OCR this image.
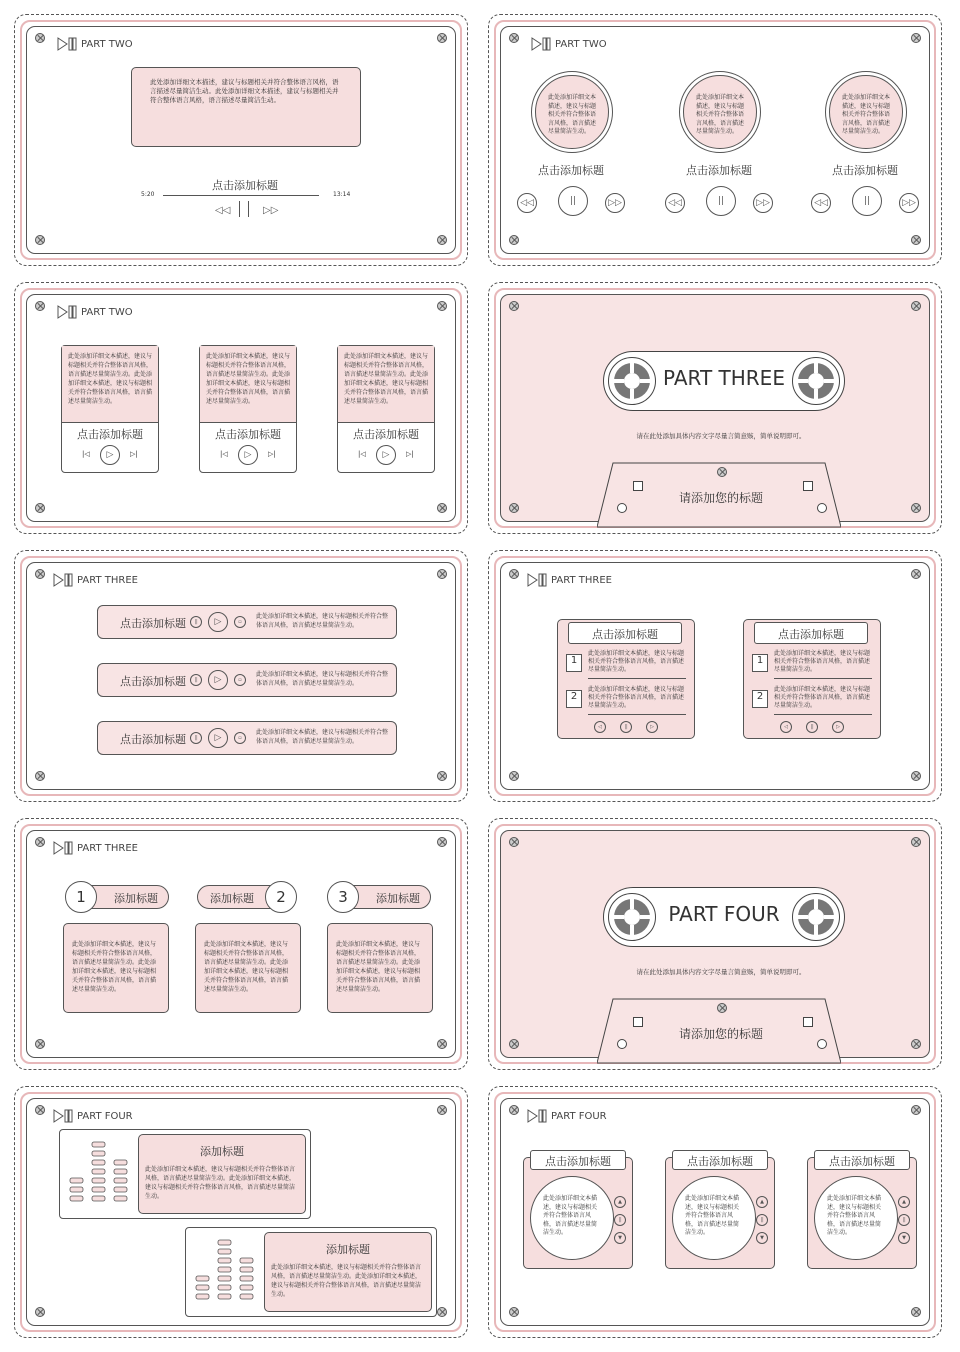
PART TWO
此处添加详细文本描述，建议与标题相关并符合整体语言风格，语言描述尽量简洁生动。此处添加详细文本描述，建议与标题相关并符合整体语言风格，语言描述尽量简洁生动。
点击添加标题
5:20	13:14
◁◁	▷▷
PART TWO
此处添加详细文本描述，建议与标题相关并符合整体语言风格，语言描述尽量简洁生动。
点击添加标题
◁◁	||	▷▷
此处添加详细文本描述，建议与标题相关并符合整体语言风格，语言描述尽量简洁生动。
点击添加标题
◁◁	||	▷▷
此处添加详细文本描述，建议与标题相关并符合整体语言风格，语言描述尽量简洁生动。
点击添加标题
◁◁	||	▷▷
PART TWO
此处添加详细文本描述，建议与标题相关并符合整体语言风格，语言描述尽量简洁生动。此处添加详细文本描述，建议与标题相关并符合整体语言风格，语言描述尽量简洁生动。
点击添加标题
|◁	▷	▷|
此处添加详细文本描述，建议与标题相关并符合整体语言风格，语言描述尽量简洁生动。此处添加详细文本描述，建议与标题相关并符合整体语言风格，语言描述尽量简洁生动。
点击添加标题
|◁	▷	▷|
此处添加详细文本描述，建议与标题相关并符合整体语言风格，语言描述尽量简洁生动。此处添加详细文本描述，建议与标题相关并符合整体语言风格，语言描述尽量简洁生动。
点击添加标题
|◁	▷	▷|
PART THREE
请在此处添加具体内容文字尽量言简意赅，简单说明即可。
请添加您的标题
PART THREE
点击添加标题	||	▷	▫
此处添加详细文本描述，建议与标题相关并符合整体语言风格，语言描述尽量简洁生动。
点击添加标题	||	▷	▫
此处添加详细文本描述，建议与标题相关并符合整体语言风格，语言描述尽量简洁生动。
点击添加标题	||	▷	▫
此处添加详细文本描述，建议与标题相关并符合整体语言风格，语言描述尽量简洁生动。
PART THREE
点击添加标题
1
此处添加详细文本描述，建议与标题相关并符合整体语言风格，语言描述尽量简洁生动。
2
此处添加详细文本描述，建议与标题相关并符合整体语言风格，语言描述尽量简洁生动。
◁	||	▷
点击添加标题
1
此处添加详细文本描述，建议与标题相关并符合整体语言风格，语言描述尽量简洁生动。
2
此处添加详细文本描述，建议与标题相关并符合整体语言风格，语言描述尽量简洁生动。
◁	||	▷
PART THREE
添加标题
1
此处添加详细文本描述，建议与标题相关并符合整体语言风格，语言描述尽量简洁生动。此处添加详细文本描述，建议与标题相关并符合整体语言风格，语言描述尽量简洁生动。
添加标题	2
此处添加详细文本描述，建议与标题相关并符合整体语言风格，语言描述尽量简洁生动。此处添加详细文本描述，建议与标题相关并符合整体语言风格，语言描述尽量简洁生动。
添加标题
3
此处添加详细文本描述，建议与标题相关并符合整体语言风格，语言描述尽量简洁生动。此处添加详细文本描述，建议与标题相关并符合整体语言风格，语言描述尽量简洁生动。
PART FOUR
请在此处添加具体内容文字尽量言简意赅，简单说明即可。
请添加您的标题
PART FOUR
添加标题
此处添加详细文本描述，建议与标题相关并符合整体语言风格，语言描述尽量简洁生动。此处添加详细文本描述，建议与标题相关并符合整体语言风格，语言描述尽量简洁生动。
添加标题
此处添加详细文本描述，建议与标题相关并符合整体语言风格，语言描述尽量简洁生动。此处添加详细文本描述，建议与标题相关并符合整体语言风格，语言描述尽量简洁生动。
PART FOUR
点击添加标题
此处添加详细文本描述，建议与标题相关并符合整体语言风格，语言描述尽量简洁生动。
▲
||
▼
点击添加标题
此处添加详细文本描述，建议与标题相关并符合整体语言风格，语言描述尽量简洁生动。
▲
||
▼
点击添加标题
此处添加详细文本描述，建议与标题相关并符合整体语言风格，语言描述尽量简洁生动。
▲
||
▼
